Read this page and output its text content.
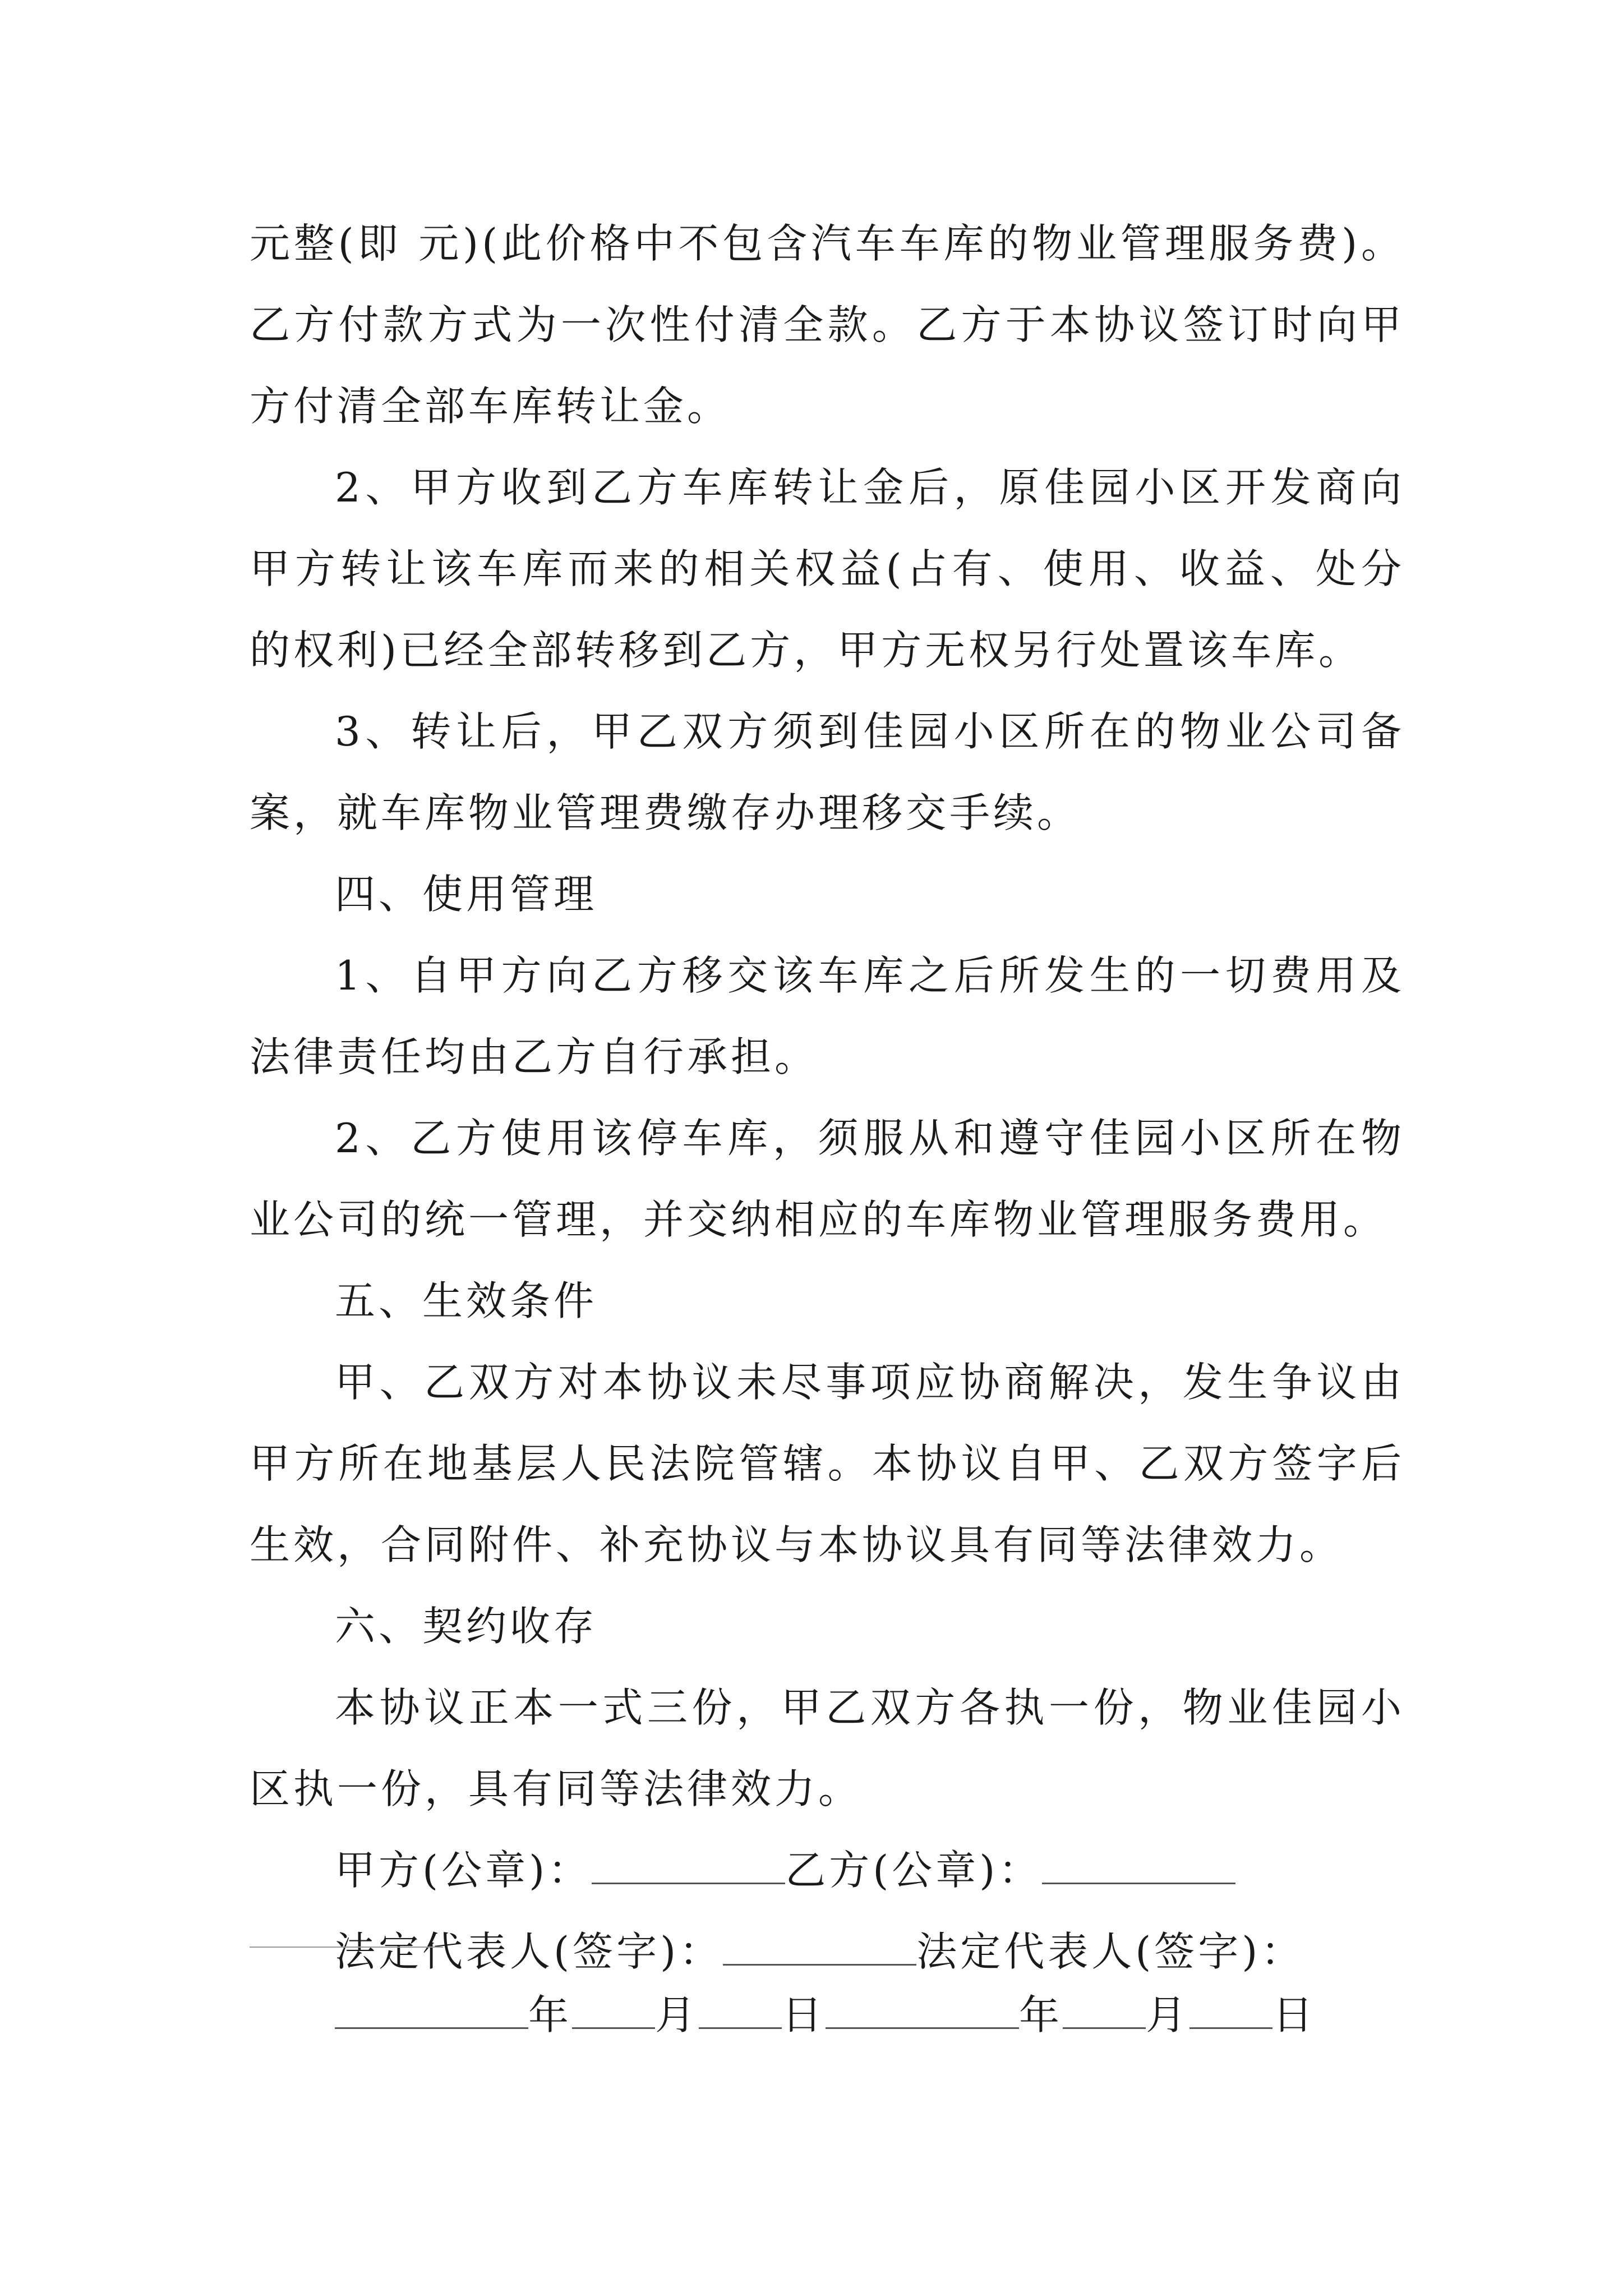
元整(即 元)(此价格中不包含汽车车库的物业管理服务费)。乙方付款方式为一次性付清全款。乙方于本协议签订时向甲方付清全部车库转让金。

2、甲方收到乙方车库转让金后，原佳园小区开发商向甲方转让该车库而来的相关权益(占有、使用、收益、处分的权利)已经全部转移到乙方，甲方无权另行处置该车库。

3、转让后，甲乙双方须到佳园小区所在的物业公司备案，就车库物业管理费缴存办理移交手续。

四、使用管理

1、自甲方向乙方移交该车库之后所发生的一切费用及法律责任均由乙方自行承担。

2、乙方使用该停车库，须服从和遵守佳园小区所在物业公司的统一管理，并交纳相应的车库物业管理服务费用。

五、生效条件

甲、乙双方对本协议未尽事项应协商解决，发生争议由甲方所在地基层人民法院管辖。本协议自甲、乙双方签字后生效，合同附件、补充协议与本协议具有同等法律效力。

六、契约收存

本协议正本一式三份，甲乙双方各执一份，物业佳园小区执一份，具有同等法律效力。

甲方(公章)：	乙方(公章)：
法定代表人(签字)：	法定代表人(签字)：
年 月 日	年 月 日
